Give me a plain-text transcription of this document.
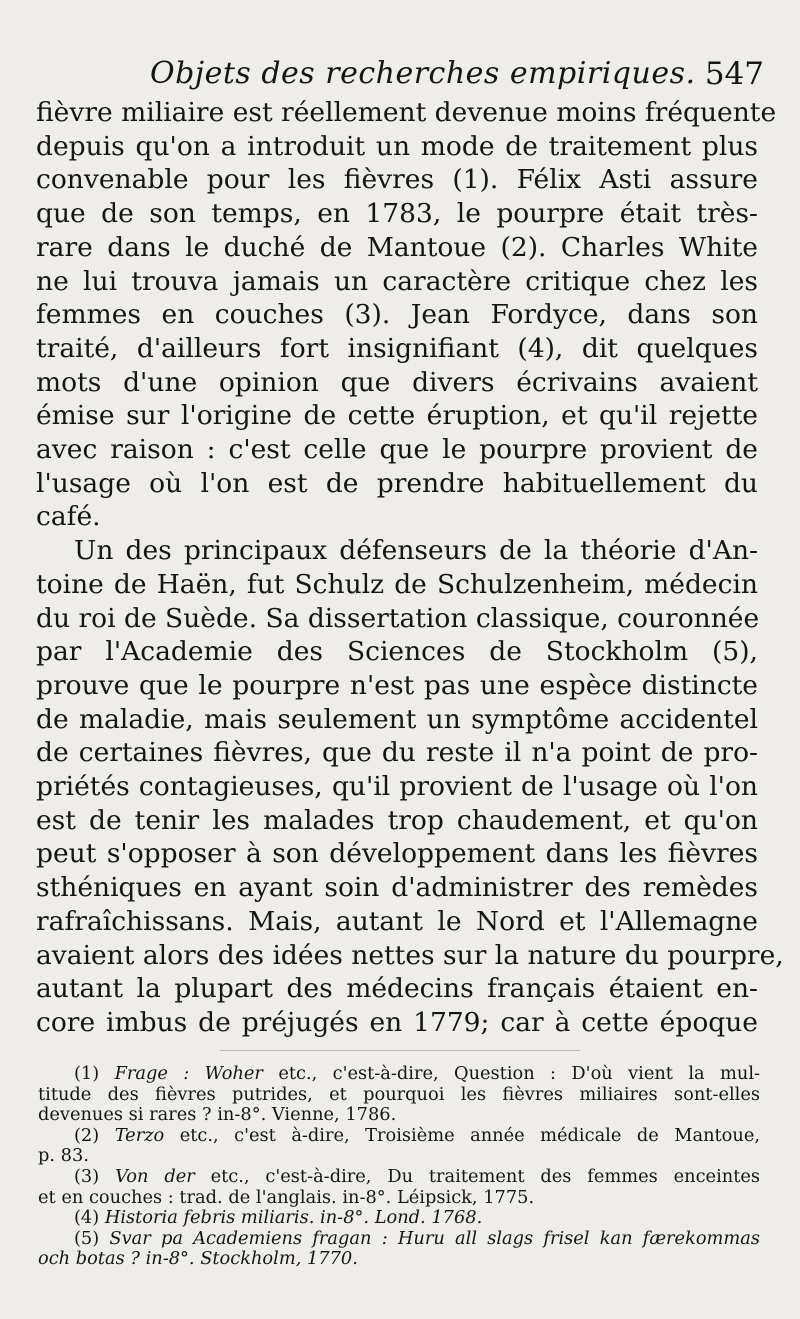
Objets des recherches empiriques. 547
fièvre miliaire est réellement devenue moins fréquente
depuis qu'on a introduit un mode de traitement plus
convenable pour les fièvres (1). Félix Asti assure
que de son temps, en 1783, le pourpre était très-
rare dans le duché de Mantoue (2). Charles White
ne lui trouva jamais un caractère critique chez les
femmes en couches (3). Jean Fordyce, dans son
traité, d'ailleurs fort insignifiant (4), dit quelques
mots d'une opinion que divers écrivains avaient
émise sur l'origine de cette éruption, et qu'il rejette
avec raison : c'est celle que le pourpre provient de
l'usage où l'on est de prendre habituellement du
café.
Un des principaux défenseurs de la théorie d'An-
toine de Haën, fut Schulz de Schulzenheim, médecin
du roi de Suède. Sa dissertation classique, couronnée
par l'Academie des Sciences de Stockholm (5),
prouve que le pourpre n'est pas une espèce distincte
de maladie, mais seulement un symptôme accidentel
de certaines fièvres, que du reste il n'a point de pro-
priétés contagieuses, qu'il provient de l'usage où l'on
est de tenir les malades trop chaudement, et qu'on
peut s'opposer à son développement dans les fièvres
sthéniques en ayant soin d'administrer des remèdes
rafraîchissans. Mais, autant le Nord et l'Allemagne
avaient alors des idées nettes sur la nature du pourpre,
autant la plupart des médecins français étaient en-
core imbus de préjugés en 1779; car à cette époque
(1) Frage : Woher etc., c'est-à-dire, Question : D'où vient la mul-
titude des fièvres putrides, et pourquoi les fièvres miliaires sont-elles
devenues si rares ? in-8°. Vienne, 1786.
(2) Terzo etc., c'est à-dire, Troisième année médicale de Mantoue,
p. 83.
(3) Von der etc., c'est-à-dire, Du traitement des femmes enceintes
et en couches : trad. de l'anglais. in-8°. Léipsick, 1775.
(4) Historia febris miliaris. in-8°. Lond. 1768.
(5) Svar pa Academiens fragan : Huru all slags frisel kan færekommas
och botas ? in-8°. Stockholm, 1770.
